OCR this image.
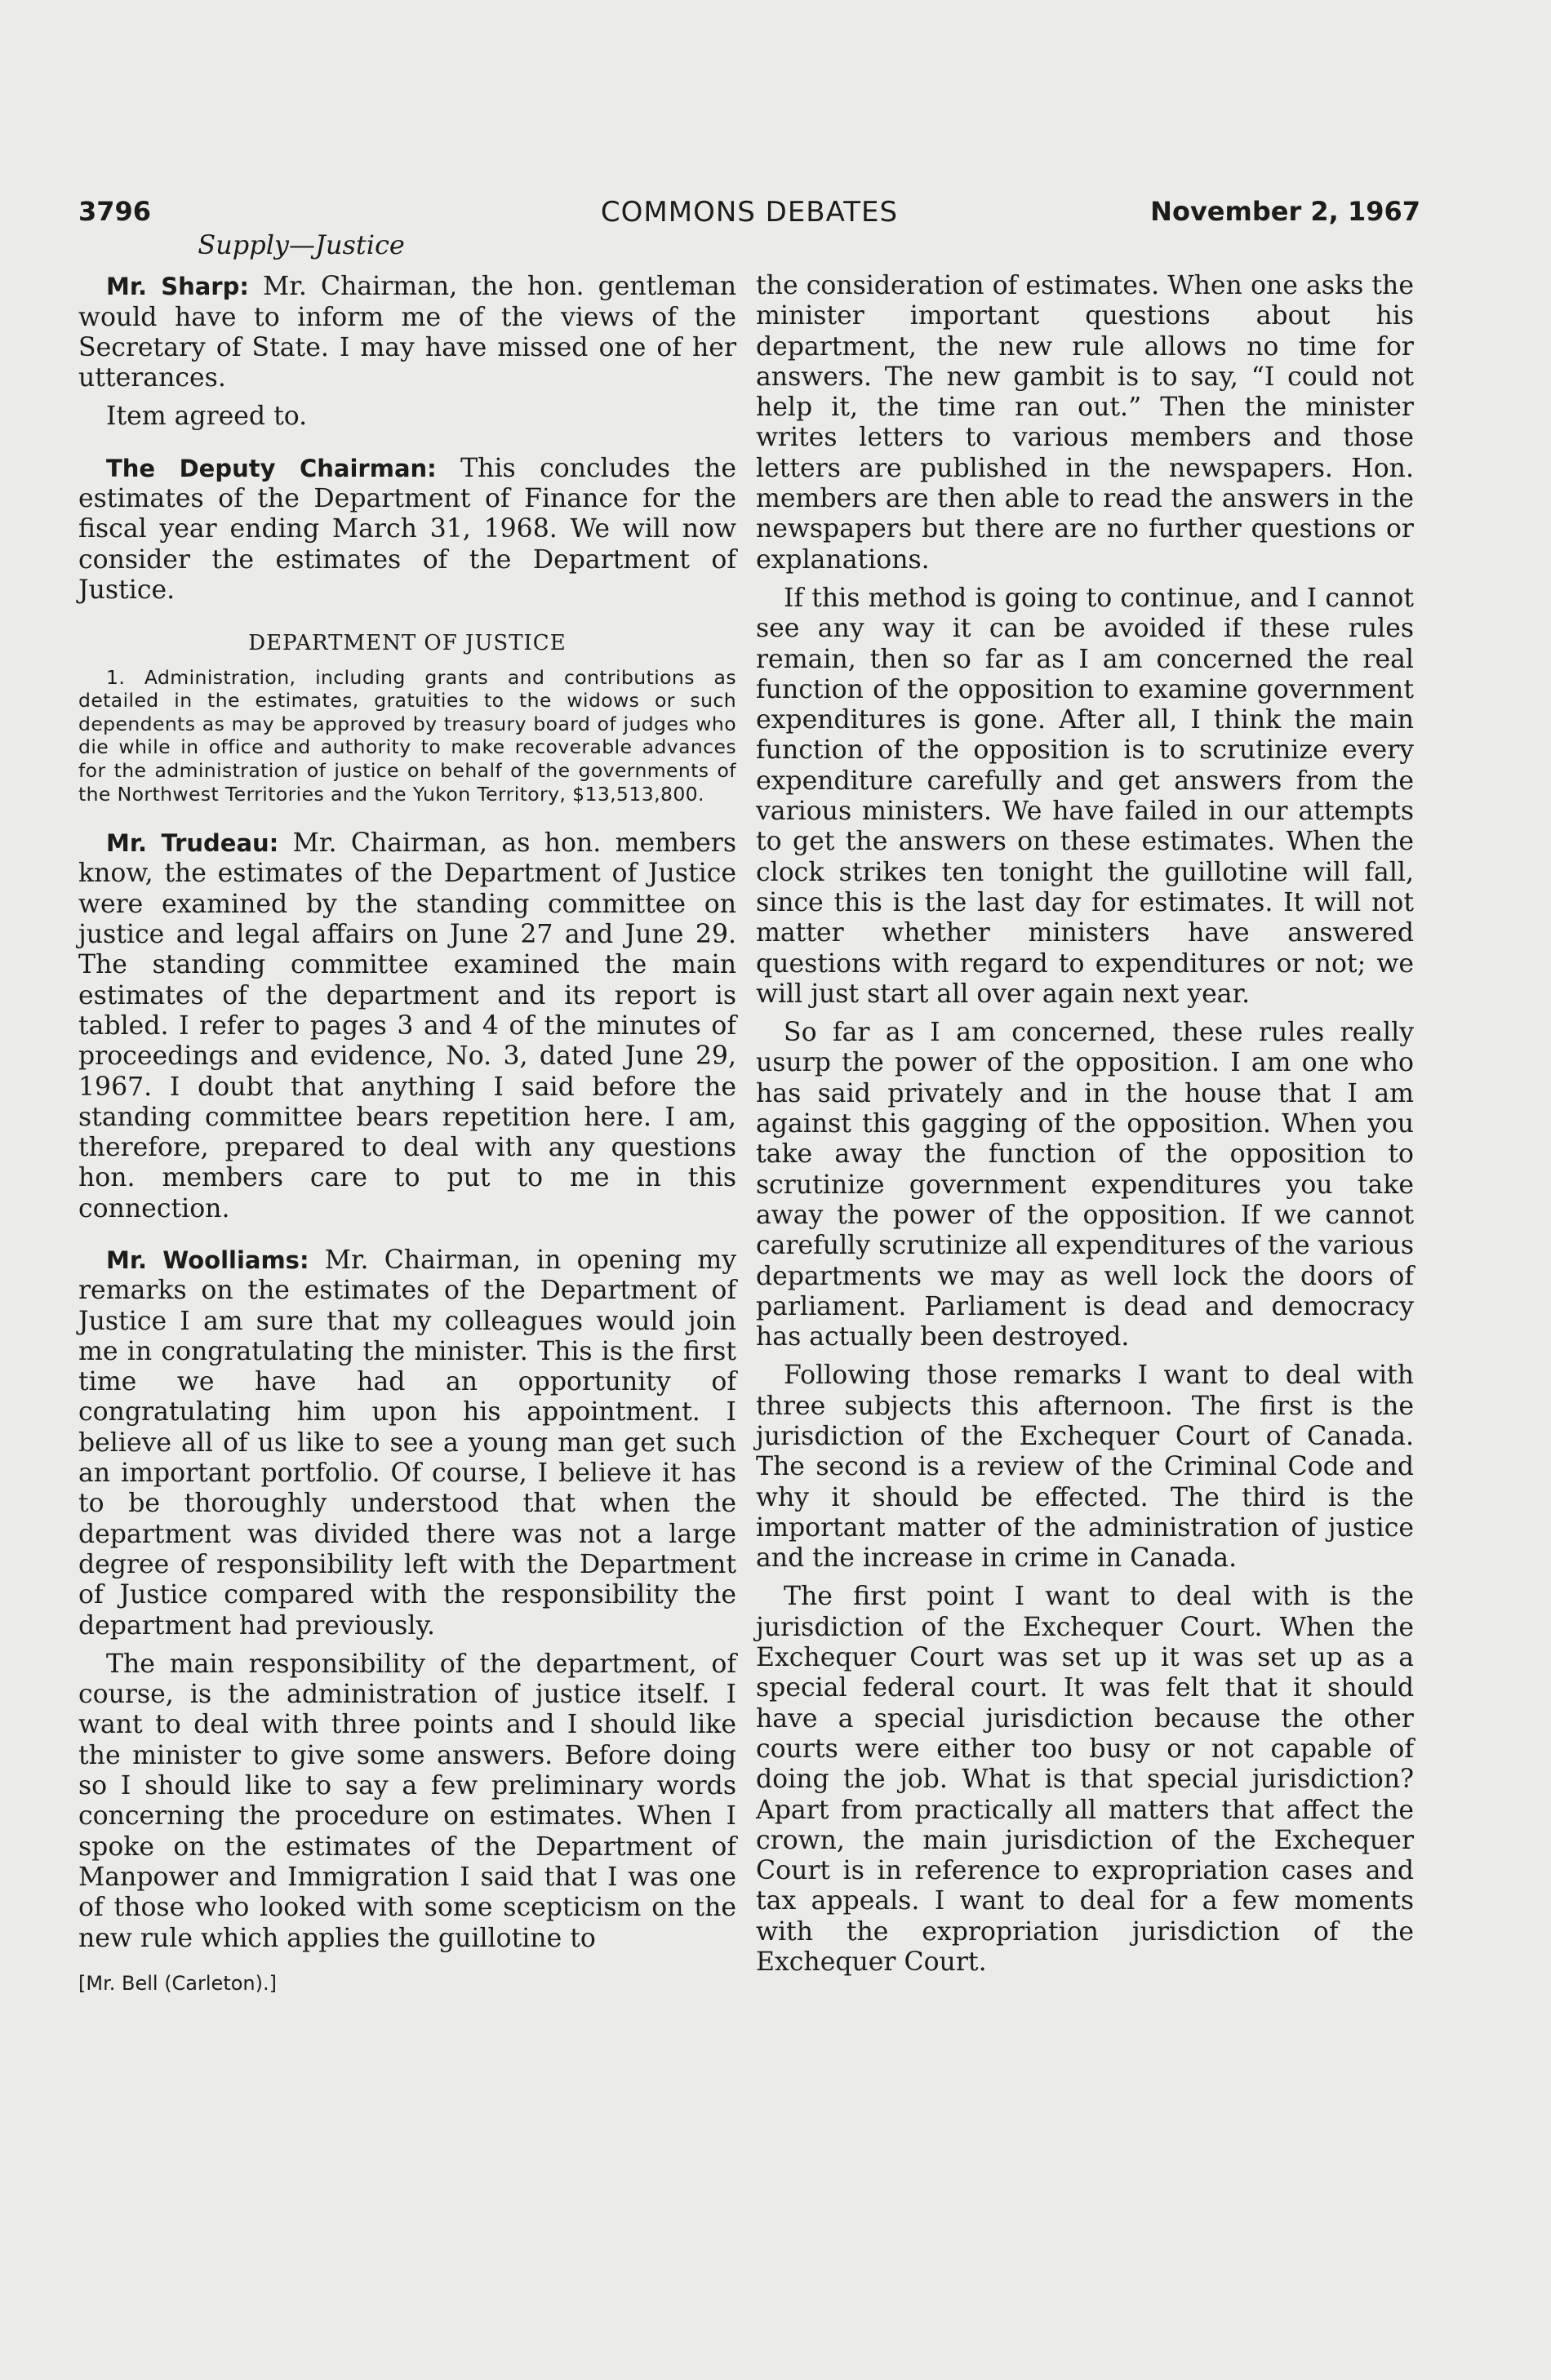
3796	COMMONS DEBATES	November 2, 1967
Supply—Justice

Mr. Sharp: Mr. Chairman, the hon. gentleman would have to inform me of the views of the Secretary of State. I may have missed one of her utterances.

Item agreed to.

The Deputy Chairman: This concludes the estimates of the Department of Finance for the fiscal year ending March 31, 1968. We will now consider the estimates of the Department of Justice.

DEPARTMENT OF JUSTICE
1. Administration, including grants and contributions as detailed in the estimates, gratuities to the widows or such dependents as may be approved by treasury board of judges who die while in office and authority to make recoverable advances for the administration of justice on behalf of the governments of the Northwest Territories and the Yukon Territory, $13,513,800.

Mr. Trudeau: Mr. Chairman, as hon. members know, the estimates of the Department of Justice were examined by the standing committee on justice and legal affairs on June 27 and June 29. The standing committee examined the main estimates of the department and its report is tabled. I refer to pages 3 and 4 of the minutes of proceedings and evidence, No. 3, dated June 29, 1967. I doubt that anything I said before the standing committee bears repetition here. I am, therefore, prepared to deal with any questions hon. members care to put to me in this connection.

Mr. Woolliams: Mr. Chairman, in opening my remarks on the estimates of the Department of Justice I am sure that my colleagues would join me in congratulating the minister. This is the first time we have had an opportunity of congratulating him upon his appointment. I believe all of us like to see a young man get such an important portfolio. Of course, I believe it has to be thoroughly understood that when the department was divided there was not a large degree of responsibility left with the Department of Justice compared with the responsibility the department had previously.

The main responsibility of the department, of course, is the administration of justice itself. I want to deal with three points and I should like the minister to give some answers. Before doing so I should like to say a few preliminary words concerning the procedure on estimates. When I spoke on the estimates of the Department of Manpower and Immigration I said that I was one of those who looked with some scepticism on the new rule which applies the guillotine to

[Mr. Bell (Carleton).]

the consideration of estimates. When one asks the minister important questions about his department, the new rule allows no time for answers. The new gambit is to say, “I could not help it, the time ran out.” Then the minister writes letters to various members and those letters are published in the newspapers. Hon. members are then able to read the answers in the newspapers but there are no further questions or explanations.

If this method is going to continue, and I cannot see any way it can be avoided if these rules remain, then so far as I am concerned the real function of the opposition to examine government expenditures is gone. After all, I think the main function of the opposition is to scrutinize every expenditure carefully and get answers from the various ministers. We have failed in our attempts to get the answers on these estimates. When the clock strikes ten tonight the guillotine will fall, since this is the last day for estimates. It will not matter whether ministers have answered questions with regard to expenditures or not; we will just start all over again next year.

So far as I am concerned, these rules really usurp the power of the opposition. I am one who has said privately and in the house that I am against this gagging of the opposition. When you take away the function of the opposition to scrutinize government expenditures you take away the power of the opposition. If we cannot carefully scrutinize all expenditures of the various departments we may as well lock the doors of parliament. Parliament is dead and democracy has actually been destroyed.

Following those remarks I want to deal with three subjects this afternoon. The first is the jurisdiction of the Exchequer Court of Canada. The second is a review of the Criminal Code and why it should be effected. The third is the important matter of the administration of justice and the increase in crime in Canada.

The first point I want to deal with is the jurisdiction of the Exchequer Court. When the Exchequer Court was set up it was set up as a special federal court. It was felt that it should have a special jurisdiction because the other courts were either too busy or not capable of doing the job. What is that special jurisdiction? Apart from practically all matters that affect the crown, the main jurisdiction of the Exchequer Court is in reference to expropriation cases and tax appeals. I want to deal for a few moments with the expropriation jurisdiction of the Exchequer Court.
